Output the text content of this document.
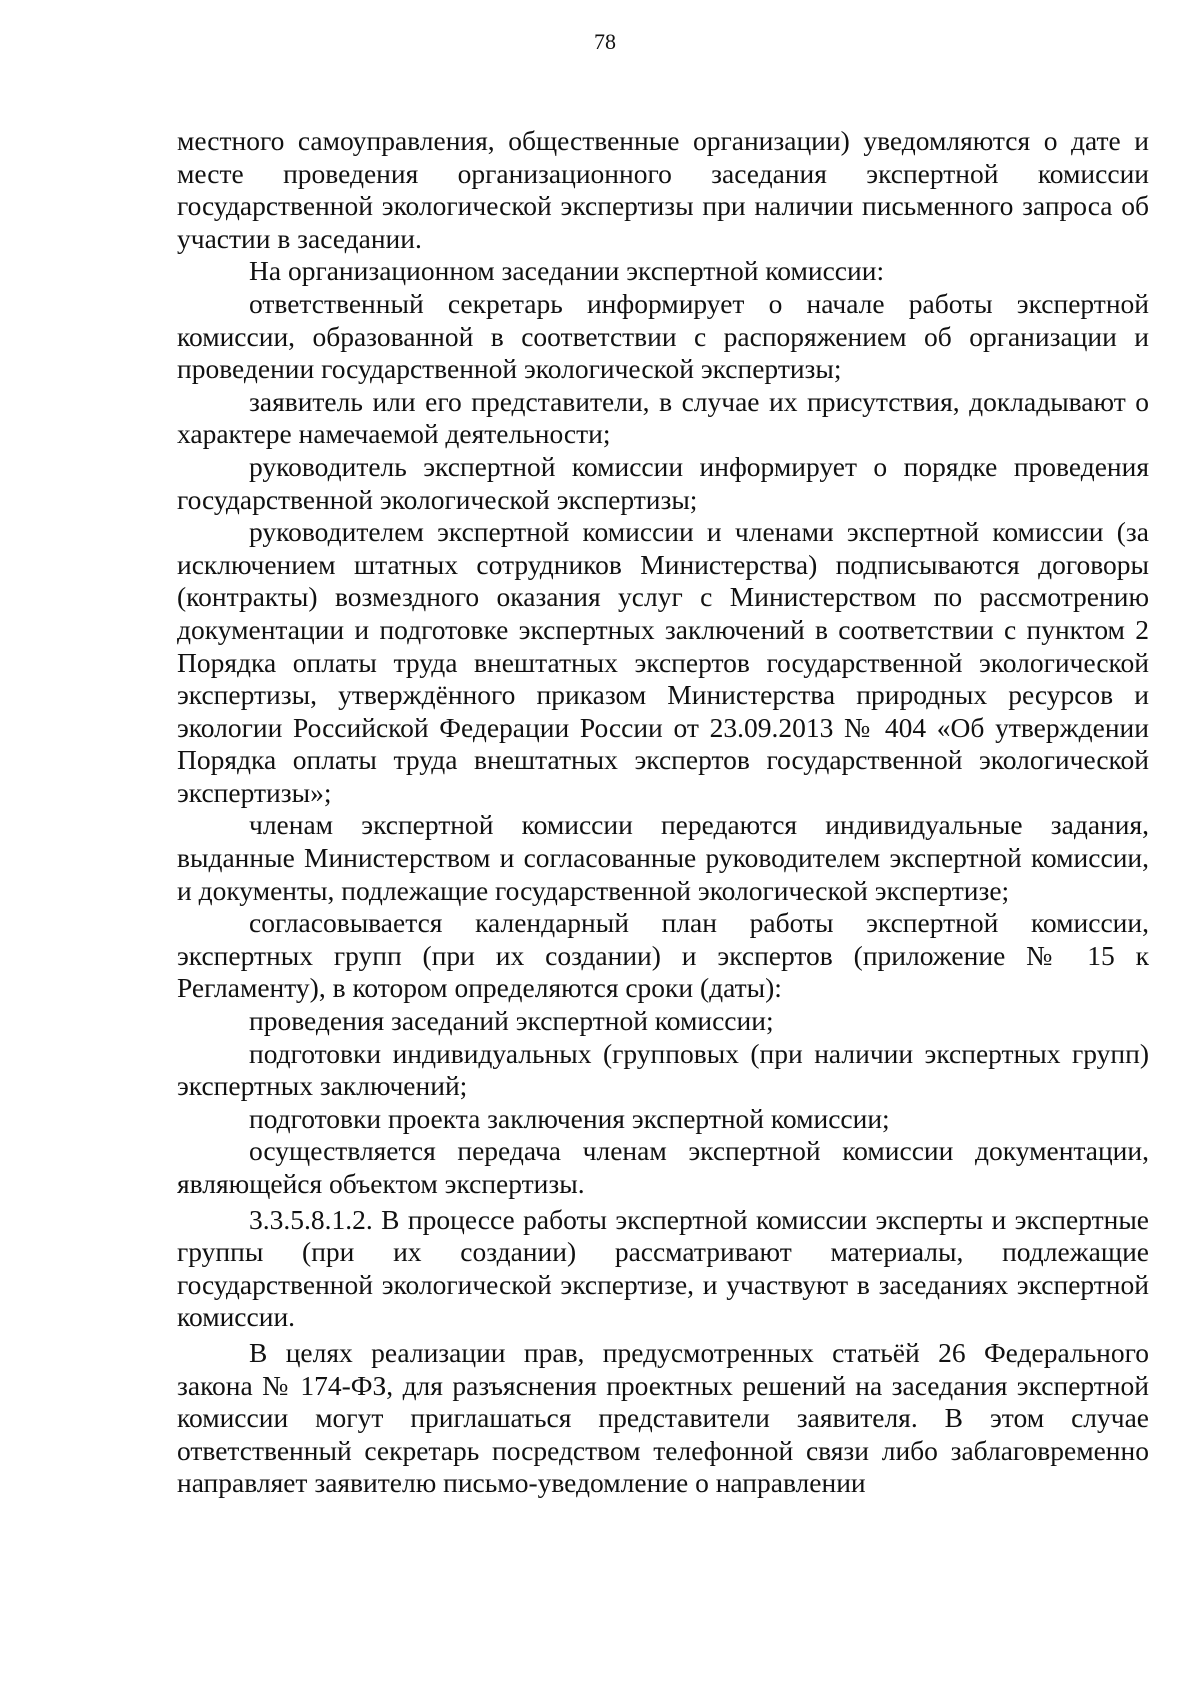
78

местного самоуправления, общественные организации) уведомляются о дате и месте проведения организационного заседания экспертной комиссии государственной экологической экспертизы при наличии письменного запроса об участии в заседании.

На организационном заседании экспертной комиссии:

ответственный секретарь информирует о начале работы экспертной комиссии, образованной в соответствии с распоряжением об организации и проведении государственной экологической экспертизы;

заявитель или его представители, в случае их присутствия, докладывают о характере намечаемой деятельности;

руководитель экспертной комиссии информирует о порядке проведения государственной экологической экспертизы;

руководителем экспертной комиссии и членами экспертной комиссии (за исключением штатных сотрудников Министерства) подписываются договоры (контракты) возмездного оказания услуг с Министерством по рассмотрению документации и подготовке экспертных заключений в соответствии с пунктом 2 Порядка оплаты труда внештатных экспертов государственной экологической экспертизы, утверждённого приказом Министерства природных ресурсов и экологии Российской Федерации России от 23.09.2013 № 404 «Об утверждении Порядка оплаты труда внештатных экспертов государственной экологической экспертизы»;

членам экспертной комиссии передаются индивидуальные задания, выданные Министерством и согласованные руководителем экспертной комиссии, и документы, подлежащие государственной экологической экспертизе;

согласовывается календарный план работы экспертной комиссии, экспертных групп (при их создании) и экспертов (приложение № 15 к Регламенту), в котором определяются сроки (даты):

проведения заседаний экспертной комиссии;

подготовки индивидуальных (групповых (при наличии экспертных групп) экспертных заключений;

подготовки проекта заключения экспертной комиссии;

осуществляется передача членам экспертной комиссии документации, являющейся объектом экспертизы.

3.3.5.8.1.2. В процессе работы экспертной комиссии эксперты и экспертные группы (при их создании) рассматривают материалы, подлежащие государственной экологической экспертизе, и участвуют в заседаниях экспертной комиссии.

В целях реализации прав, предусмотренных статьёй 26 Федерального закона № 174-ФЗ, для разъяснения проектных решений на заседания экспертной комиссии могут приглашаться представители заявителя. В этом случае ответственный секретарь посредством телефонной связи либо заблаговременно направляет заявителю письмо-уведомление о направлении
